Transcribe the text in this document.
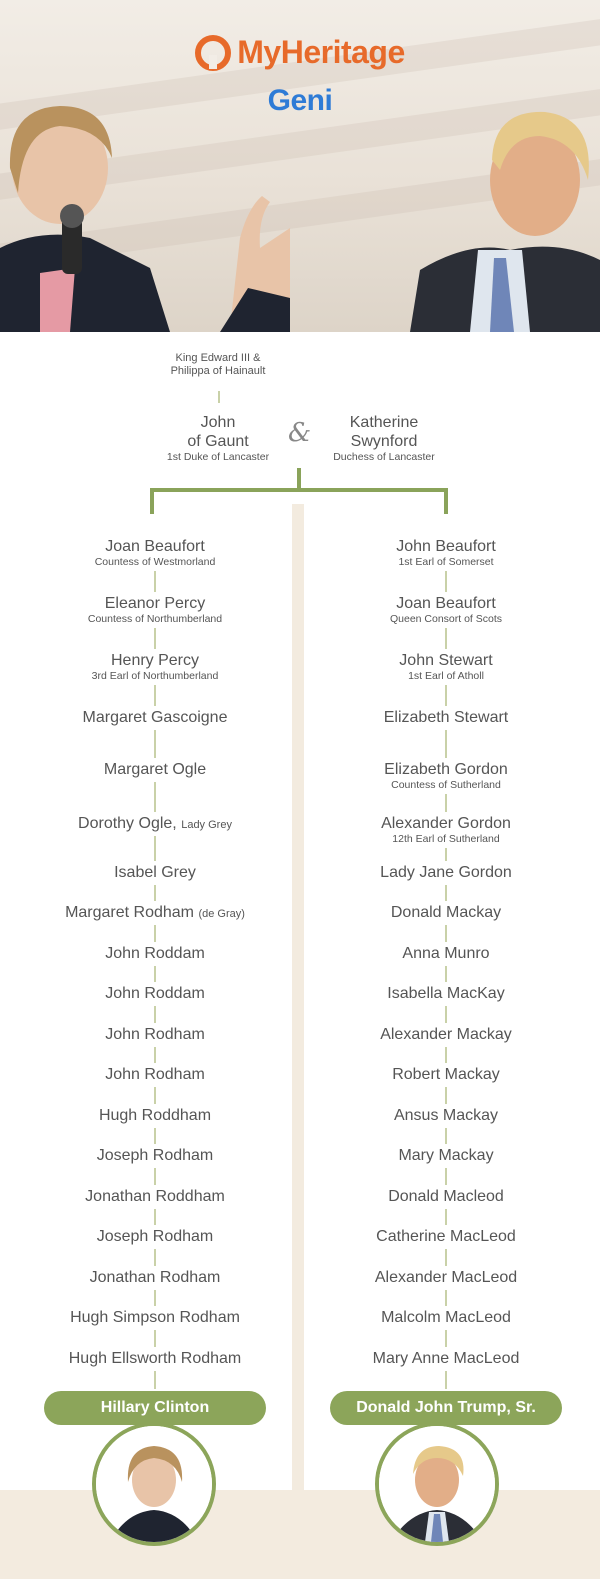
MyHeritage
Geni
King Edward III & Philippa of Hainault
John
of Gaunt
1st Duke of Lancaster
&	Katherine
Swynford
Duchess of Lancaster
Joan Beaufort
Countess of Westmorland
Eleanor Percy
Countess of Northumberland
Henry Percy
3rd Earl of Northumberland
Margaret Gascoigne
Margaret Ogle
Dorothy Ogle, Lady Grey
Isabel Grey
Margaret Rodham (de Gray)
John Roddam
John Roddam
John Rodham
John Rodham
Hugh Roddham
Joseph Rodham
Jonathan Roddham
Joseph Rodham
Jonathan Rodham
Hugh Simpson Rodham
Hugh Ellsworth Rodham
John Beaufort
1st Earl of Somerset
Joan Beaufort
Queen Consort of Scots
John Stewart
1st Earl of Atholl
Elizabeth Stewart
Elizabeth Gordon
Countess of Sutherland
Alexander Gordon
12th Earl of Sutherland
Lady Jane Gordon
Donald Mackay
Anna Munro
Isabella MacKay
Alexander Mackay
Robert Mackay
Ansus Mackay
Mary Mackay
Donald Macleod
Catherine MacLeod
Alexander MacLeod
Malcolm MacLeod
Mary Anne MacLeod
Hillary Clinton	Donald John Trump, Sr.
